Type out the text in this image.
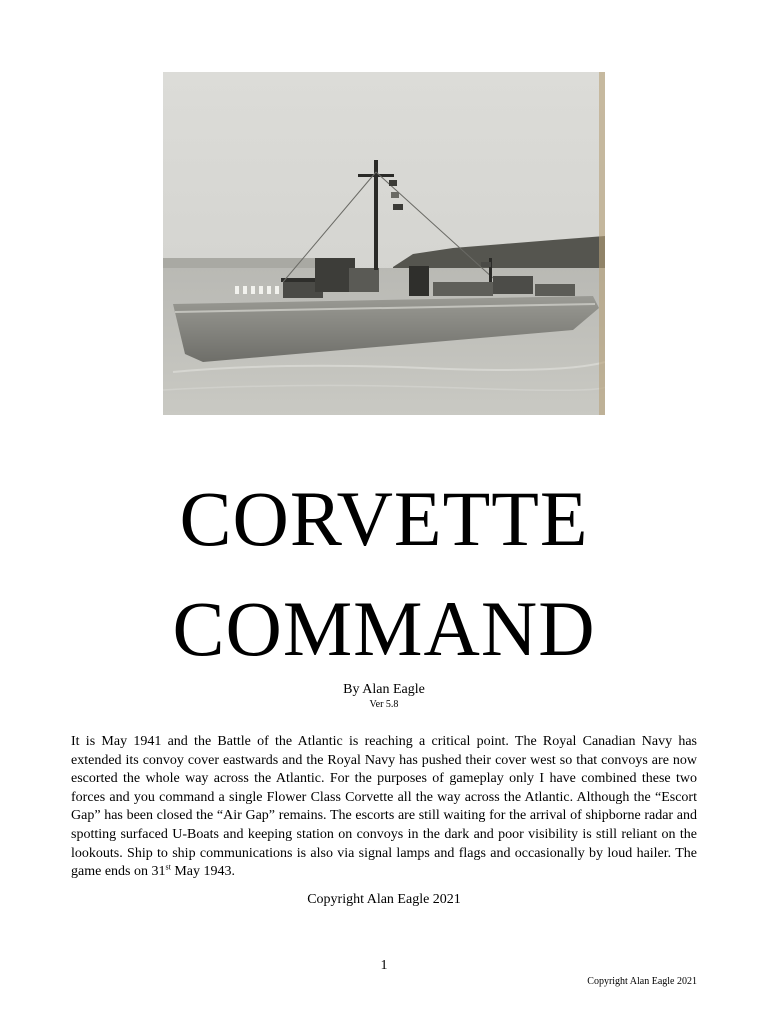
CORVETTE
COMMAND
By Alan Eagle
Ver 5.8

It is May 1941 and the Battle of the Atlantic is reaching a critical point. The Royal Canadian Navy has extended its convoy cover eastwards and the Royal Navy has pushed their cover west so that convoys are now escorted the whole way across the Atlantic. For the purposes of gameplay only I have combined these two forces and you command a single Flower Class Corvette all the way across the Atlantic. Although the “Escort Gap” has been closed the “Air Gap” remains. The escorts are still waiting for the arrival of shipborne radar and spotting surfaced U-Boats and keeping station on convoys in the dark and poor visibility is still reliant on the lookouts. Ship to ship communications is also via signal lamps and flags and occasionally by loud hailer. The game ends on 31st May 1943.

Copyright Alan Eagle 2021
1
Copyright Alan Eagle 2021
